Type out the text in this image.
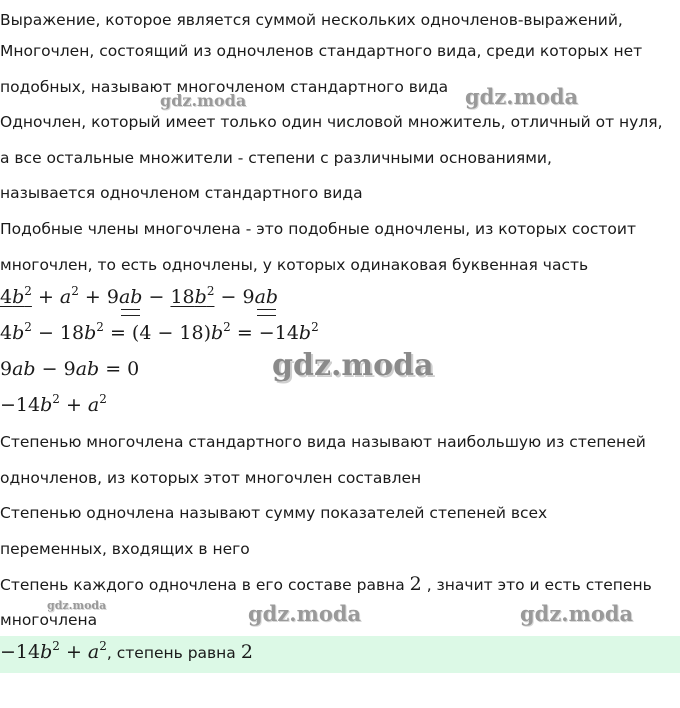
Выражение, которое является суммой нескольких одночленов-выражений,
Многочлен, состоящий из одночленов стандартного вида, среди которых нет
подобных, называют многочленом стандартного вида
Одночлен, который имеет только один числовой множитель, отличный от нуля,
а все остальные множители - степени с различными основаниями,
называется одночленом стандартного вида
Подобные члены многочлена - это подобные одночлены, из которых состоит
многочлен, то есть одночлены, у которых одинаковая буквенная часть
$4b^2 + a^2 + 9ab - 18b^2 - 9ab$
$4b^2 - 18b^2 = (4 - 18)b^2 = -14b^2$
9ab − 9ab = 0
$-14b^2 + a^2$
Степенью многочлена стандартного вида называют наибольшую из степеней
одночленов, из которых этот многочлен составлен
Степенью одночлена называют сумму показателей степеней всех
переменных, входящих в него
Степень каждого одночлена в его составе равна 2 , значит это и есть степень
многочлена
$-14b^2 + a^2$, степень равна 2
gdz.moda	gdz.moda
gdz.moda
gdz.moda	gdz.moda	gdz.moda
